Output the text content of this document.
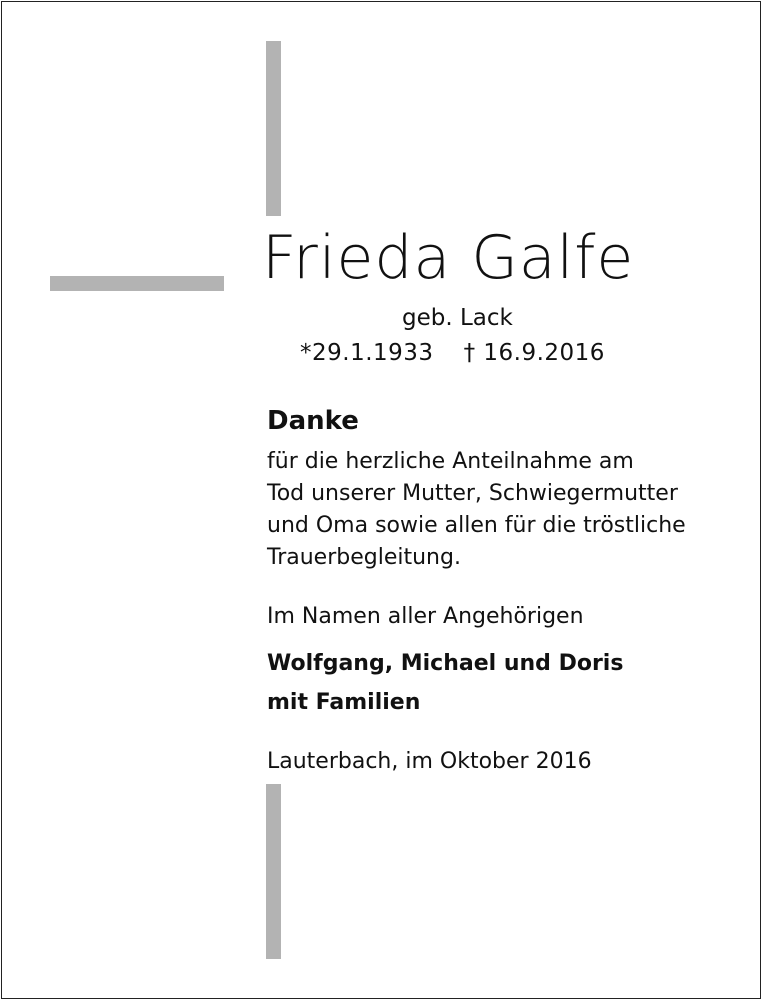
Frieda Galfe
geb. Lack
*29.1.1933 † 16.9.2016
Danke
für die herzliche Anteilnahme am
Tod unserer Mutter, Schwiegermutter
und Oma sowie allen für die tröstliche
Trauerbegleitung.
Im Namen aller Angehörigen
Wolfgang, Michael und Doris
mit Familien
Lauterbach, im Oktober 2016
